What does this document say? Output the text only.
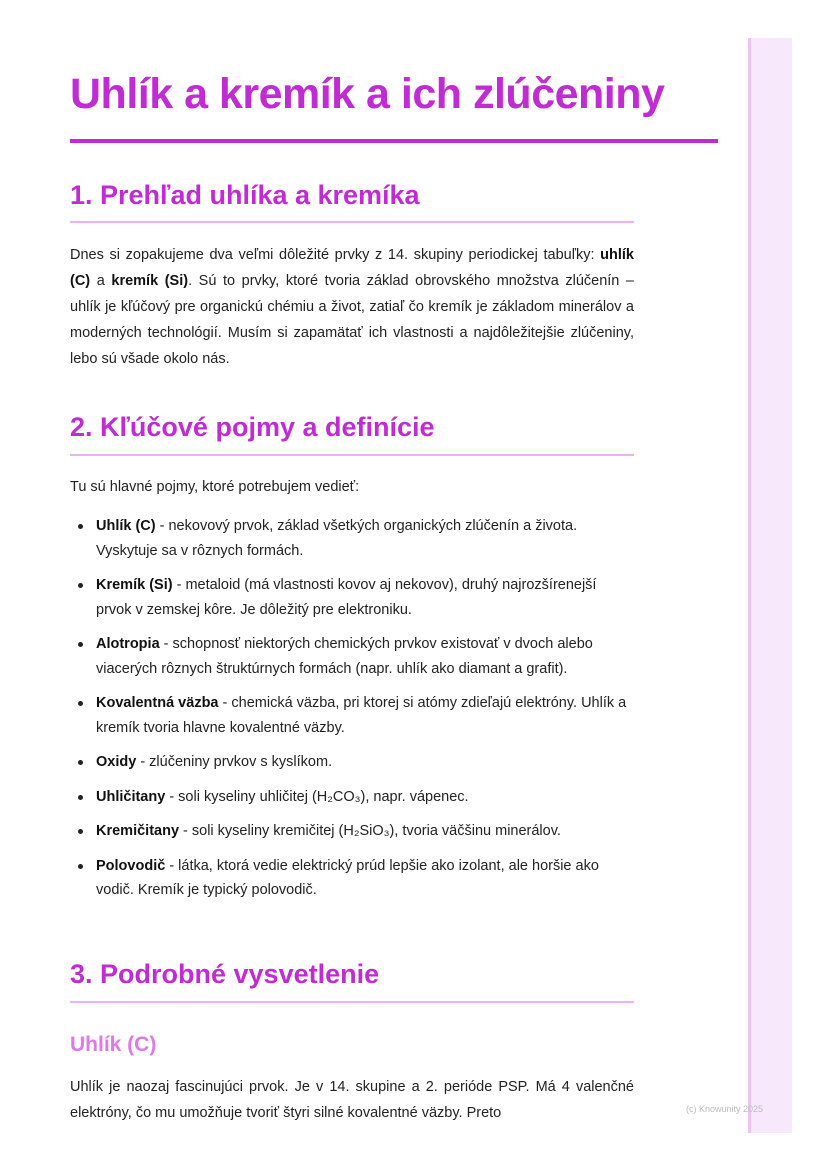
Uhlík a kremík a ich zlúčeniny
1. Prehľad uhlíka a kremíka

Dnes si zopakujeme dva veľmi dôležité prvky z 14. skupiny periodickej tabuľky: uhlík (C) a kremík (Si). Sú to prvky, ktoré tvoria základ obrovského množstva zlúčenín – uhlík je kľúčový pre organickú chémiu a život, zatiaľ čo kremík je základom minerálov a moderných technológií. Musím si zapamätať ich vlastnosti a najdôležitejšie zlúčeniny, lebo sú všade okolo nás.

2. Kľúčové pojmy a definície

Tu sú hlavné pojmy, ktoré potrebujem vedieť:

Uhlík (C) - nekovový prvok, základ všetkých organických zlúčenín a života. Vyskytuje sa v rôznych formách.
Kremík (Si) - metaloid (má vlastnosti kovov aj nekovov), druhý najrozšírenejší prvok v zemskej kôre. Je dôležitý pre elektroniku.
Alotropia - schopnosť niektorých chemických prvkov existovať v dvoch alebo viacerých rôznych štruktúrnych formách (napr. uhlík ako diamant a grafit).
Kovalentná väzba - chemická väzba, pri ktorej si atómy zdieľajú elektróny. Uhlík a kremík tvoria hlavne kovalentné väzby.
Oxidy - zlúčeniny prvkov s kyslíkom.
Uhličitany - soli kyseliny uhličitej (H₂CO₃), napr. vápenec.
Kremičitany - soli kyseliny kremičitej (H₂SiO₃), tvoria väčšinu minerálov.
Polovodič - látka, ktorá vedie elektrický prúd lepšie ako izolant, ale horšie ako vodič. Kremík je typický polovodič.
3. Podrobné vysvetlenie
Uhlík (C)

Uhlík je naozaj fascinujúci prvok. Je v 14. skupine a 2. periódе PSP. Má 4 valenčné elektróny, čo mu umožňuje tvoriť štyri silné kovalentné väzby. Preto	(c) Knowunity 2025
